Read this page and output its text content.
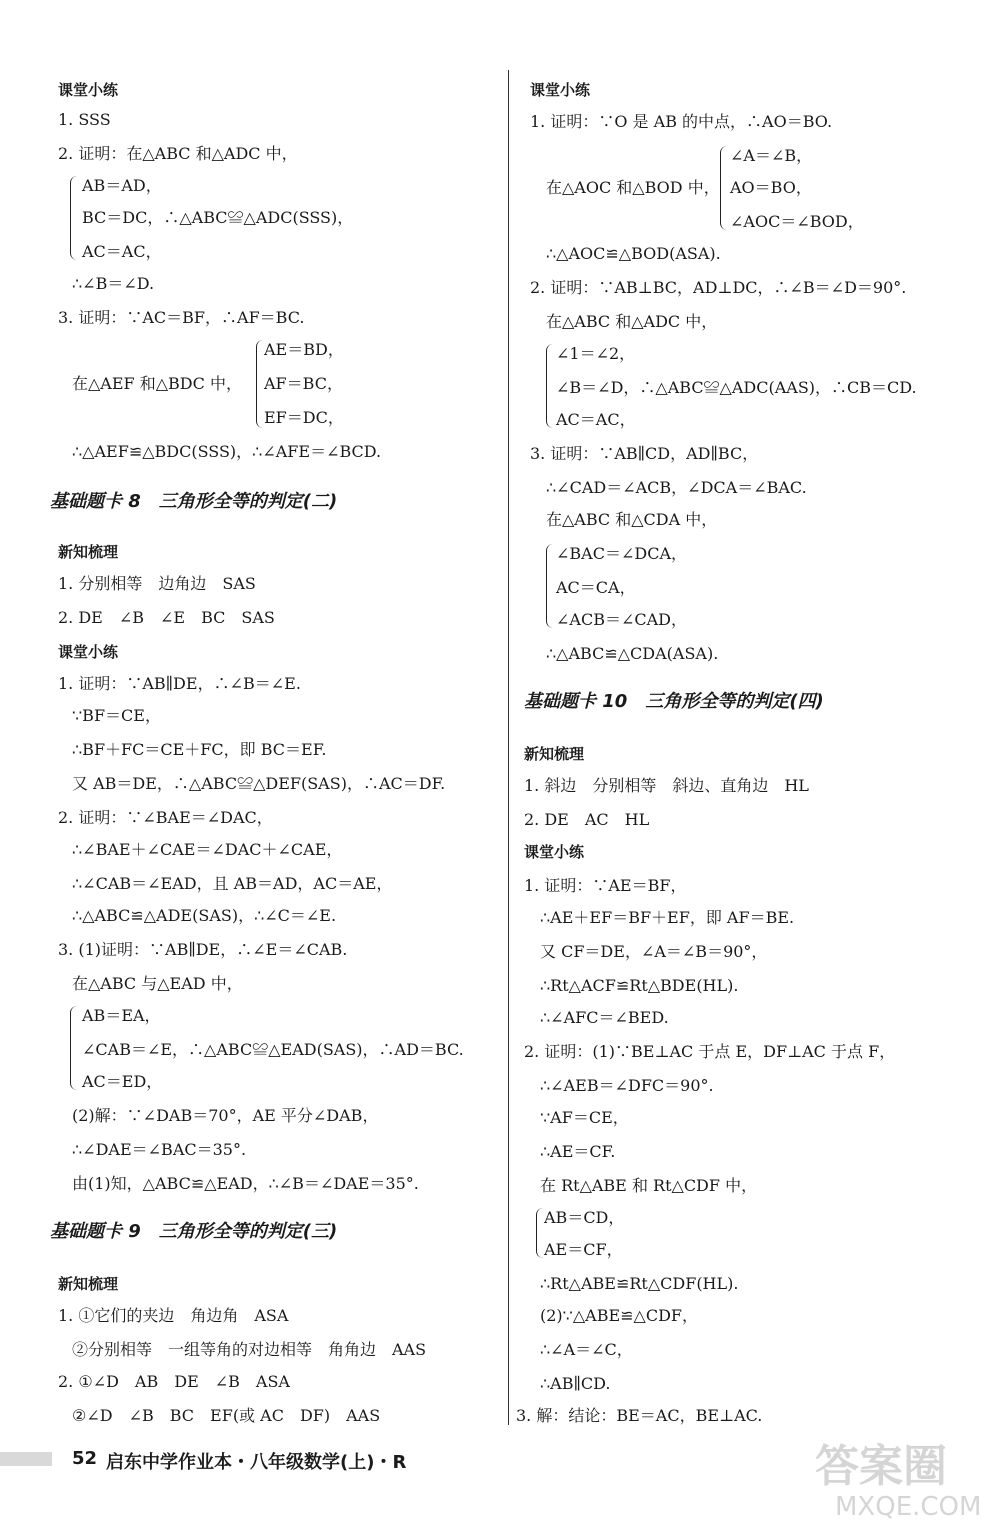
课堂小练
1. SSS
2. 证明：在△ABC 和△ADC 中，
AB＝AD，
BC＝DC，∴△ABC≌△ADC(SSS)，
AC＝AC，
∴∠B＝∠D.
3. 证明：∵AC＝BF，∴AF＝BC.
AE＝BD，
在△AEF 和△BDC 中， AF＝BC，
EF＝DC，
∴△AEF≌△BDC(SSS)，∴∠AFE＝∠BCD.
基础题卡 8　三角形全等的判定(二)
新知梳理
1. 分别相等　边角边　SAS
2. DE　∠B　∠E　BC　SAS
课堂小练
1. 证明：∵AB∥DE，∴∠B＝∠E.
∵BF＝CE，
∴BF＋FC＝CE＋FC，即 BC＝EF.
又 AB＝DE，∴△ABC≌△DEF(SAS)，∴AC＝DF.
2. 证明：∵∠BAE＝∠DAC，
∴∠BAE＋∠CAE＝∠DAC＋∠CAE，
∴∠CAB＝∠EAD，且 AB＝AD，AC＝AE，
∴△ABC≌△ADE(SAS)，∴∠C＝∠E.
3. (1)证明：∵AB∥DE，∴∠E＝∠CAB.
在△ABC 与△EAD 中，
AB＝EA，
∠CAB＝∠E，∴△ABC≌△EAD(SAS)，∴AD＝BC.
AC＝ED，
(2)解：∵∠DAB＝70°，AE 平分∠DAB，
∴∠DAE＝∠BAC＝35°.
由(1)知，△ABC≌△EAD，∴∠B＝∠DAE＝35°.
基础题卡 9　三角形全等的判定(三)
新知梳理
1. ①它们的夹边　角边角　ASA
②分别相等　一组等角的对边相等　角角边　AAS
2. ①∠D　AB　DE　∠B　ASA
②∠D　∠B　BC　EF(或 AC　DF)　AAS
课堂小练
1. 证明：∵O 是 AB 的中点，∴AO＝BO.
∠A＝∠B，
在△AOC 和△BOD 中， AO＝BO，
∠AOC＝∠BOD，
∴△AOC≌△BOD(ASA).
2. 证明：∵AB⊥BC，AD⊥DC，∴∠B＝∠D＝90°.
在△ABC 和△ADC 中，
∠1＝∠2，
∠B＝∠D，∴△ABC≌△ADC(AAS)，∴CB＝CD.
AC＝AC，
3. 证明：∵AB∥CD，AD∥BC，
∴∠CAD＝∠ACB，∠DCA＝∠BAC.
在△ABC 和△CDA 中，
∠BAC＝∠DCA，
AC＝CA，
∠ACB＝∠CAD，
∴△ABC≌△CDA(ASA).
基础题卡 10　三角形全等的判定(四)
新知梳理
1. 斜边　分别相等　斜边、直角边　HL
2. DE　AC　HL
课堂小练
1. 证明：∵AE＝BF，
∴AE＋EF＝BF＋EF，即 AF＝BE.
又 CF＝DE，∠A＝∠B＝90°，
∴Rt△ACF≌Rt△BDE(HL).
∴∠AFC＝∠BED.
2. 证明：(1)∵BE⊥AC 于点 E，DF⊥AC 于点 F，
∴∠AEB＝∠DFC＝90°.
∵AF＝CE，
∴AE＝CF.
在 Rt△ABE 和 Rt△CDF 中，
AB＝CD，
AE＝CF，
∴Rt△ABE≌Rt△CDF(HL).
(2)∵△ABE≌△CDF，
∴∠A＝∠C，
∴AB∥CD.
3. 解：结论：BE＝AC，BE⊥AC.
52 启东中学作业本・八年级数学(上)・R	答案圈
MXQE.COM
